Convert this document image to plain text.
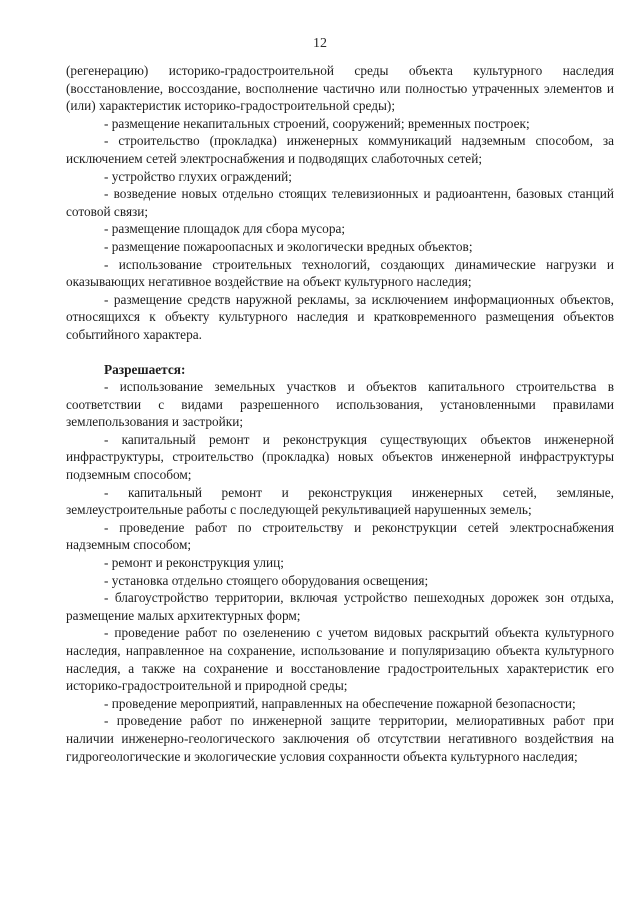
12

(регенерацию) историко-градостроительной среды объекта культурного наследия (восстановление, воссоздание, восполнение частично или полностью утраченных элементов и (или) характеристик историко-градостроительной среды);

- размещение некапитальных строений, сооружений; временных построек;

- строительство (прокладка) инженерных коммуникаций надземным способом, за исключением сетей электроснабжения и подводящих слаботочных сетей;

- устройство глухих ограждений;

- возведение новых отдельно стоящих телевизионных и радиоантенн, базовых станций сотовой связи;

- размещение площадок для сбора мусора;

- размещение пожароопасных и экологически вредных объектов;

- использование строительных технологий, создающих динамические нагрузки и оказывающих негативное воздействие на объект культурного наследия;

- размещение средств наружной рекламы, за исключением информационных объектов, относящихся к объекту культурного наследия и кратковременного размещения объектов событийного характера.

Разрешается:

- использование земельных участков и объектов капитального строительства в соответствии с видами разрешенного использования, установленными правилами землепользования и застройки;

- капитальный ремонт и реконструкция существующих объектов инженерной инфраструктуры, строительство (прокладка) новых объектов инженерной инфраструктуры подземным способом;

- капитальный ремонт и реконструкция инженерных сетей, земляные, землеустроительные работы с последующей рекультивацией нарушенных земель;

- проведение работ по строительству и реконструкции сетей электроснабжения надземным способом;

- ремонт и реконструкция улиц;

- установка отдельно стоящего оборудования освещения;

- благоустройство территории, включая устройство пешеходных дорожек зон отдыха, размещение малых архитектурных форм;

- проведение работ по озеленению с учетом видовых раскрытий объекта культурного наследия, направленное на сохранение, использование и популяризацию объекта культурного наследия, а также на сохранение и восстановление градостроительных характеристик его историко-градостроительной и природной среды;

- проведение мероприятий, направленных на обеспечение пожарной безопасности;

- проведение работ по инженерной защите территории, мелиоративных работ при наличии инженерно-геологического заключения об отсутствии негативного воздействия на гидрогеологические и экологические условия сохранности объекта культурного наследия;
